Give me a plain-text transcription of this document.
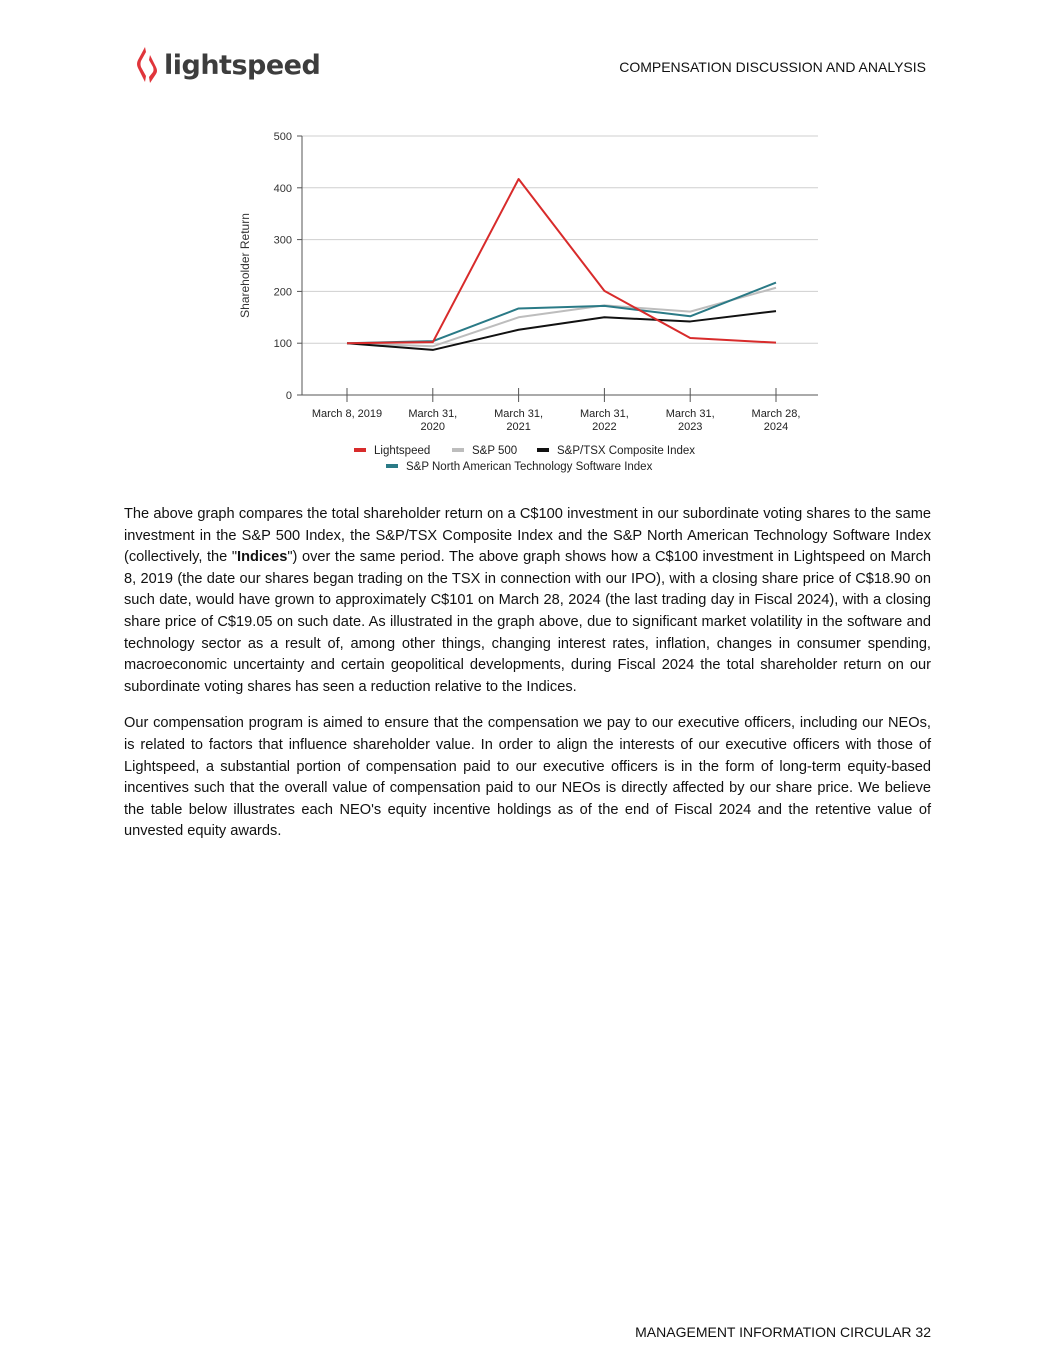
lightspeed	COMPENSATION DISCUSSION AND ANALYSIS
0
100
200
300
400
500
Shareholder Return
March 8, 2019 March 31,
2020
March 31,
2021
March 31,
2022
March 31,
2023
March 28,
2024
Lightspeed	S&P 500	S&P/TSX Composite Index
S&P North American Technology Software Index

The above graph compares the total shareholder return on a C$100 investment in our subordinate voting shares to the same investment in the S&P 500 Index, the S&P/TSX Composite Index and the S&P North American Technology Software Index (collectively, the "Indices") over the same period. The above graph shows how a C$100 investment in Lightspeed on March 8, 2019 (the date our shares began trading on the TSX in connection with our IPO), with a closing share price of C$18.90 on such date, would have grown to approximately C$101 on March 28, 2024 (the last trading day in Fiscal 2024), with a closing share price of C$19.05 on such date. As illustrated in the graph above, due to significant market volatility in the software and technology sector as a result of, among other things, changing interest rates, inflation, changes in consumer spending, macroeconomic uncertainty and certain geopolitical developments, during Fiscal 2024 the total shareholder return on our subordinate voting shares has seen a reduction relative to the Indices.

Our compensation program is aimed to ensure that the compensation we pay to our executive officers, including our NEOs, is related to factors that influence shareholder value. In order to align the interests of our executive officers with those of Lightspeed, a substantial portion of compensation paid to our executive officers is in the form of long-term equity-based incentives such that the overall value of compensation paid to our NEOs is directly affected by our share price. We believe the table below illustrates each NEO's equity incentive holdings as of the end of Fiscal 2024 and the retentive value of unvested equity awards.

MANAGEMENT INFORMATION CIRCULAR 32
